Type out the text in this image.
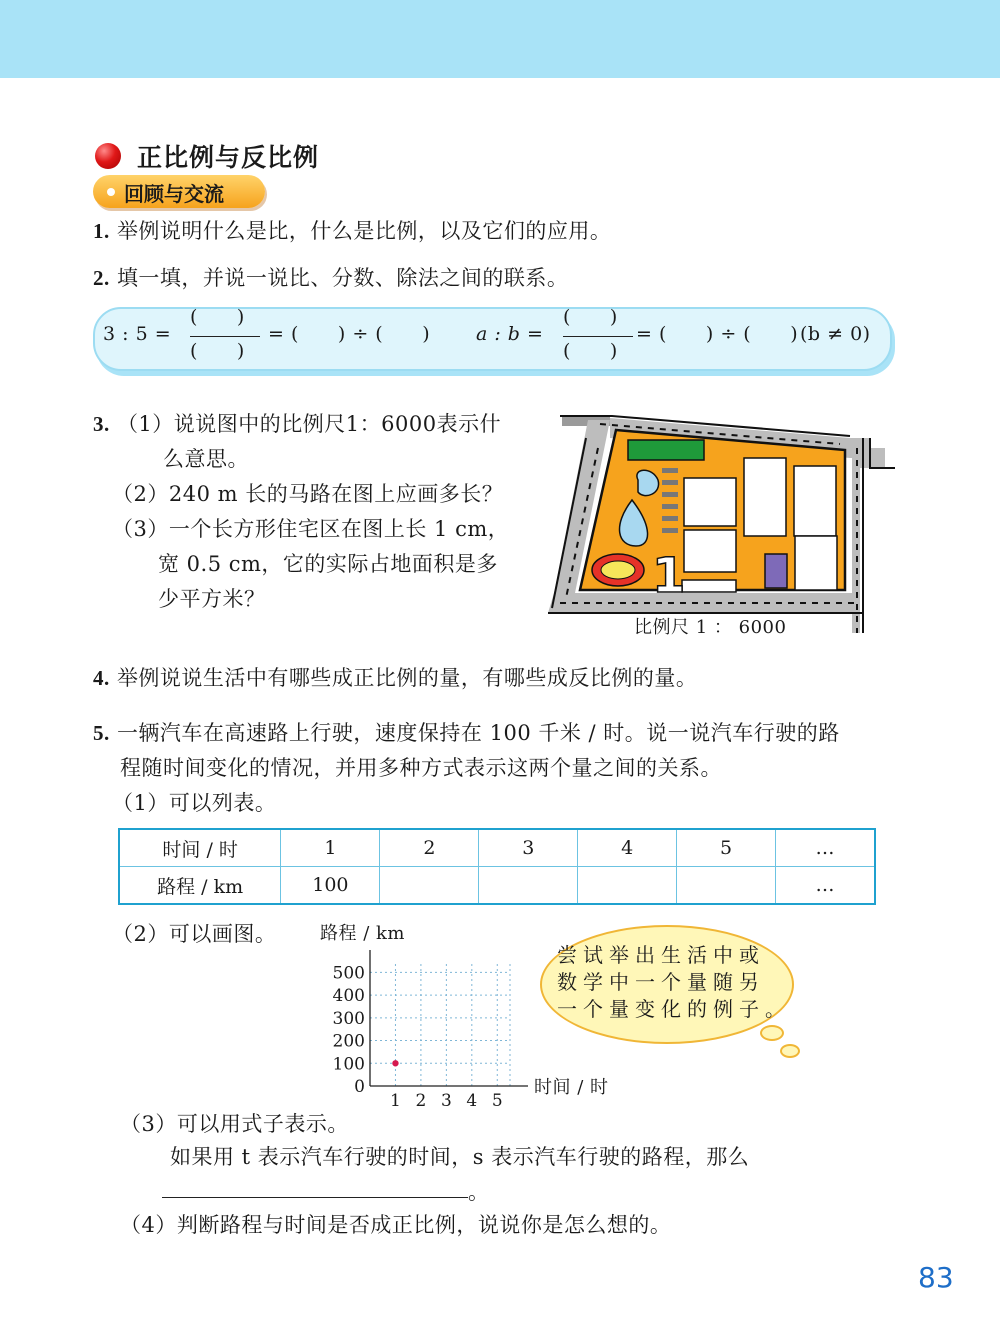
正比例与反比例
回顾与交流
1. 举例说明什么是比，什么是比例，以及它们的应用。
2. 填一填，并说一说比、分数、除法之间的联系。
3 : 5 =
(　　)
(　　)
= (　　) ÷ (　　) a : b =
(　　)
(　　)
= (　　) ÷ (　　) (b ≠ 0)
3. （1）说说图中的比例尺1：6000表示什
么意思。
（2）240 m 长的马路在图上应画多长？
（3）一个长方形住宅区在图上长 1 cm，
宽 0.5 cm，它的实际占地面积是多
少平方米？	1
比例尺 1 ： 6000
4. 举例说说生活中有哪些成正比例的量，有哪些成反比例的量。
5. 一辆汽车在高速路上行驶，速度保持在 100 千米 / 时。说一说汽车行驶的路
程随时间变化的情况，并用多种方式表示这两个量之间的关系。
（1）可以列表。
时间 / 时	1	2	3	4	5	…
路程 / km	100					…
（2）可以画图。 路程 / km
时间 / 时
0
100
200
300
400
500
1 2 3 4 5
尝试举出生活中或
数学中一个量随另
一个量变化的例子。
（3）可以用式子表示。
如果用 t 表示汽车行驶的时间，s 表示汽车行驶的路程，那么
。
（4）判断路程与时间是否成正比例，说说你是怎么想的。
83
